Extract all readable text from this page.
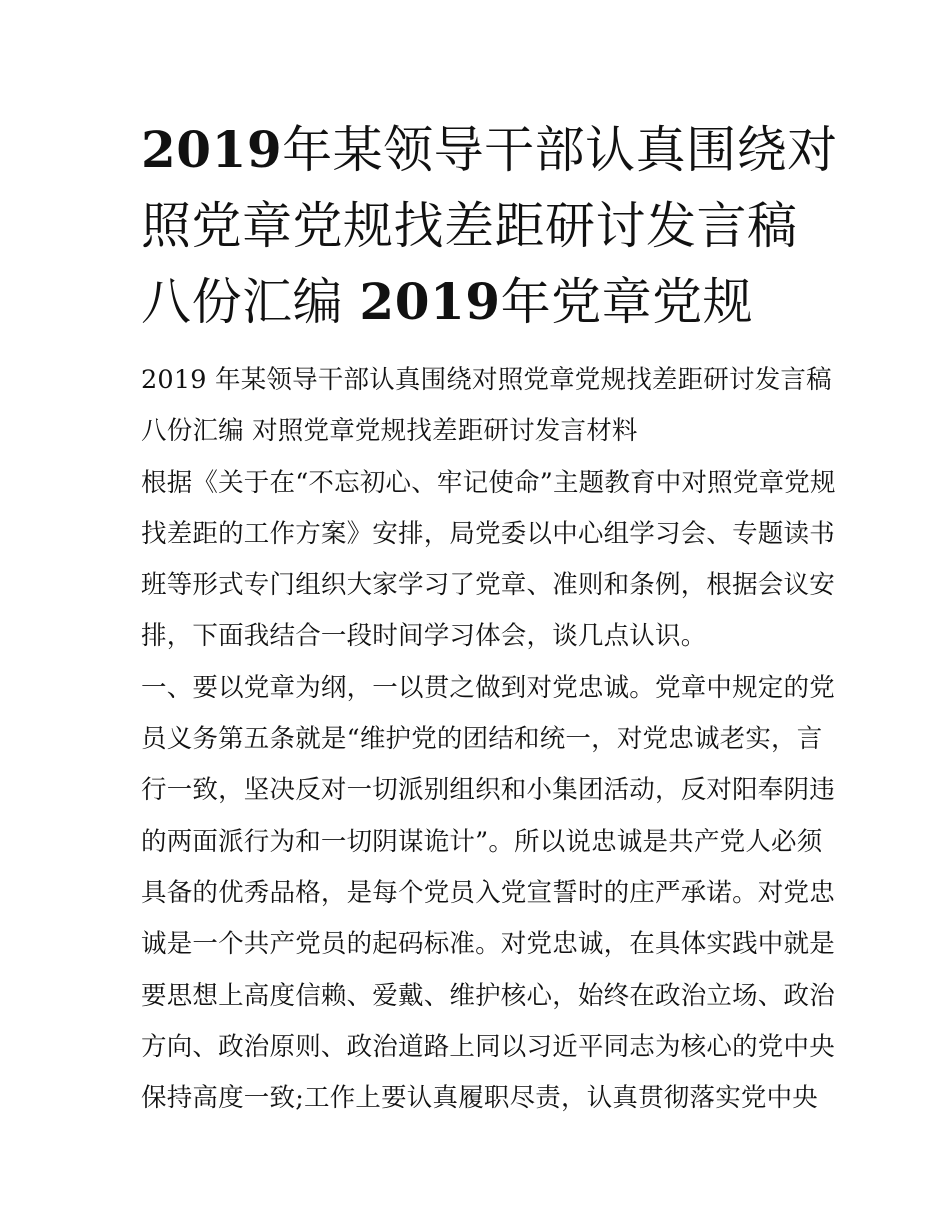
2019年某领导干部认真围绕对
照党章党规找差距研讨发言稿
八份汇编 2019年党章党规
2019 年某领导干部认真围绕对照党章党规找差距研讨发言稿
八份汇编 对照党章党规找差距研讨发言材料
根据《关于在“不忘初心、牢记使命”主题教育中对照党章党规
找差距的工作方案》安排，局党委以中心组学习会、专题读书
班等形式专门组织大家学习了党章、准则和条例，根据会议安
排，下面我结合一段时间学习体会，谈几点认识。
一、要以党章为纲，一以贯之做到对党忠诚。党章中规定的党
员义务第五条就是“维护党的团结和统一，对党忠诚老实，言
行一致，坚决反对一切派别组织和小集团活动，反对阳奉阴违
的两面派行为和一切阴谋诡计”。所以说忠诚是共产党人必须
具备的优秀品格，是每个党员入党宣誓时的庄严承诺。对党忠
诚是一个共产党员的起码标准。对党忠诚，在具体实践中就是
要思想上高度信赖、爱戴、维护核心，始终在政治立场、政治
方向、政治原则、政治道路上同以习近平同志为核心的党中央
保持高度一致;工作上要认真履职尽责，认真贯彻落实党中央
